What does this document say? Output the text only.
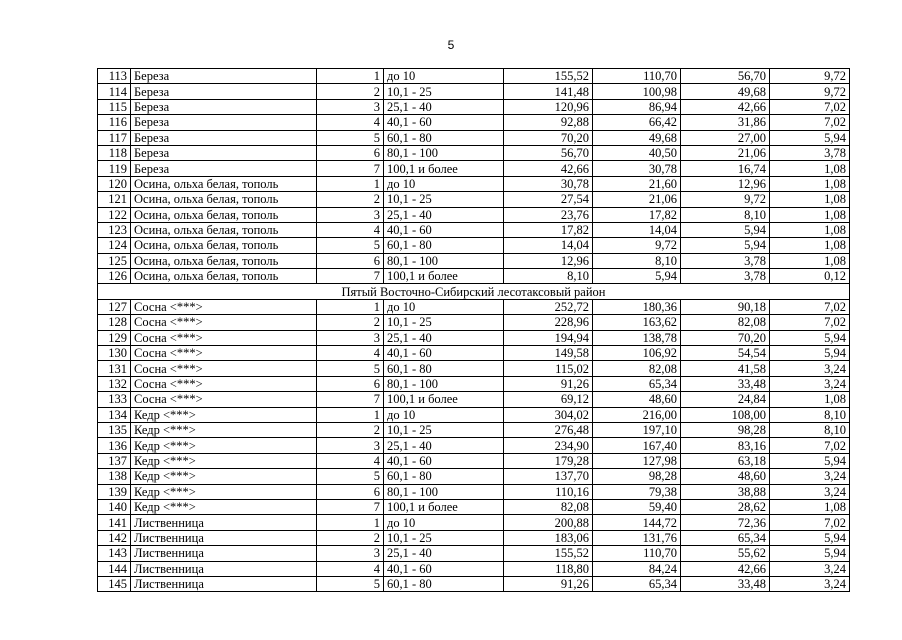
5
113	Береза	1	до 10	155,52	110,70	56,70	9,72
114	Береза	2	10,1 - 25	141,48	100,98	49,68	9,72
115	Береза	3	25,1 - 40	120,96	86,94	42,66	7,02
116	Береза	4	40,1 - 60	92,88	66,42	31,86	7,02
117	Береза	5	60,1 - 80	70,20	49,68	27,00	5,94
118	Береза	6	80,1 - 100	56,70	40,50	21,06	3,78
119	Береза	7	100,1 и более	42,66	30,78	16,74	1,08
120	Осина, ольха белая, тополь	1	до 10	30,78	21,60	12,96	1,08
121	Осина, ольха белая, тополь	2	10,1 - 25	27,54	21,06	9,72	1,08
122	Осина, ольха белая, тополь	3	25,1 - 40	23,76	17,82	8,10	1,08
123	Осина, ольха белая, тополь	4	40,1 - 60	17,82	14,04	5,94	1,08
124	Осина, ольха белая, тополь	5	60,1 - 80	14,04	9,72	5,94	1,08
125	Осина, ольха белая, тополь	6	80,1 - 100	12,96	8,10	3,78	1,08
126	Осина, ольха белая, тополь	7	100,1 и более	8,10	5,94	3,78	0,12
Пятый Восточно-Сибирский лесотаксовый район							
127	Сосна <***>	1	до 10	252,72	180,36	90,18	7,02
128	Сосна <***>	2	10,1 - 25	228,96	163,62	82,08	7,02
129	Сосна <***>	3	25,1 - 40	194,94	138,78	70,20	5,94
130	Сосна <***>	4	40,1 - 60	149,58	106,92	54,54	5,94
131	Сосна <***>	5	60,1 - 80	115,02	82,08	41,58	3,24
132	Сосна <***>	6	80,1 - 100	91,26	65,34	33,48	3,24
133	Сосна <***>	7	100,1 и более	69,12	48,60	24,84	1,08
134	Кедр <***>	1	до 10	304,02	216,00	108,00	8,10
135	Кедр <***>	2	10,1 - 25	276,48	197,10	98,28	8,10
136	Кедр <***>	3	25,1 - 40	234,90	167,40	83,16	7,02
137	Кедр <***>	4	40,1 - 60	179,28	127,98	63,18	5,94
138	Кедр <***>	5	60,1 - 80	137,70	98,28	48,60	3,24
139	Кедр <***>	6	80,1 - 100	110,16	79,38	38,88	3,24
140	Кедр <***>	7	100,1 и более	82,08	59,40	28,62	1,08
141	Лиственница	1	до 10	200,88	144,72	72,36	7,02
142	Лиственница	2	10,1 - 25	183,06	131,76	65,34	5,94
143	Лиственница	3	25,1 - 40	155,52	110,70	55,62	5,94
144	Лиственница	4	40,1 - 60	118,80	84,24	42,66	3,24
145	Лиственница	5	60,1 - 80	91,26	65,34	33,48	3,24
